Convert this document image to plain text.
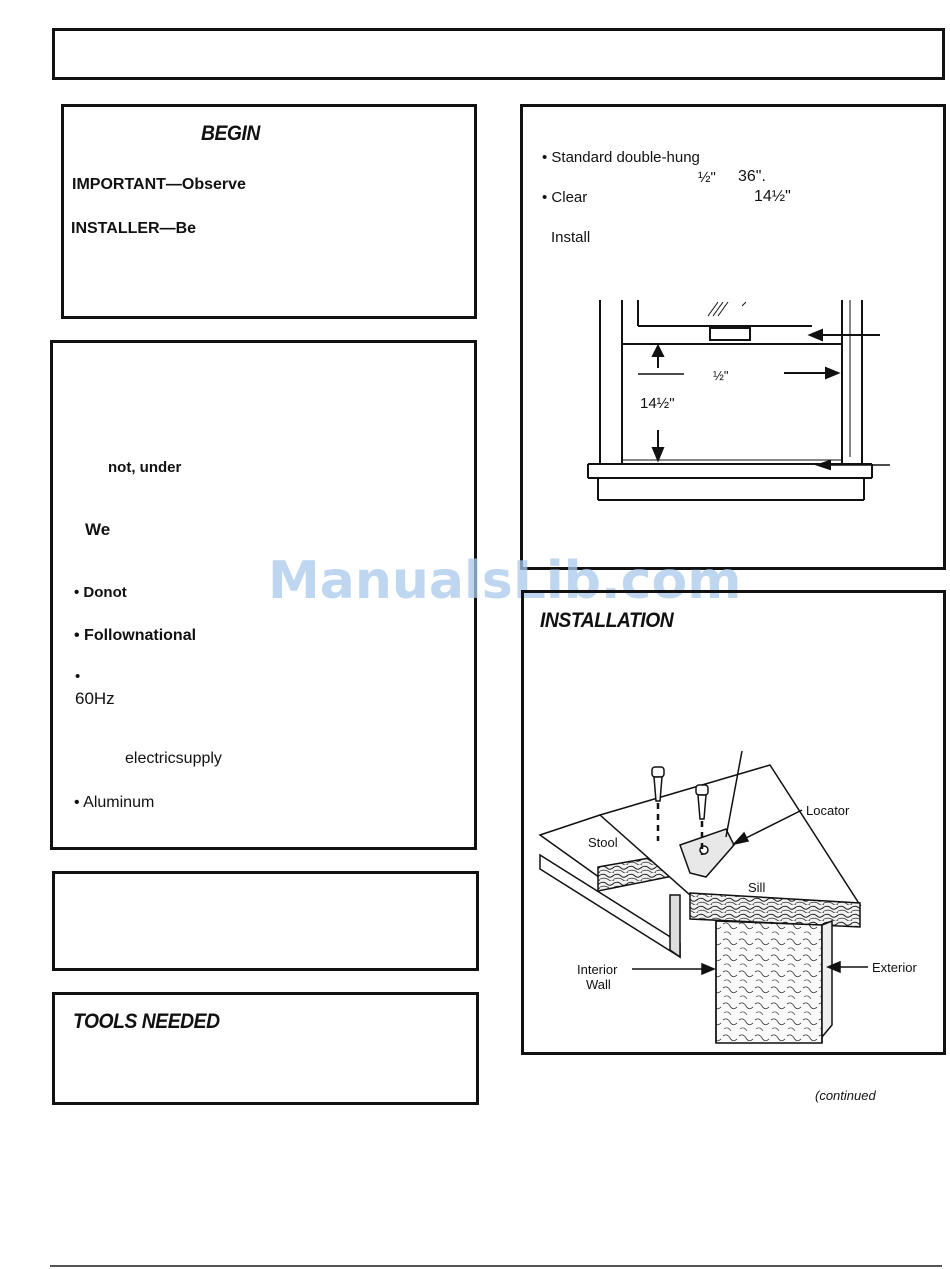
BEGIN
IMPORTANT—Observe
INSTALLER—Be
not, under
We
• Donot
• Follownational
•
60Hz
electricsupply
• Aluminum
TOOLS NEEDED
• Standard double-hung
½" 36".
• Clear	14½"
Install
½"
14½"
ManualsLib.com
INSTALLATION
Locator
Stool
Sill
Interior
Wall
Exterior
(continued
